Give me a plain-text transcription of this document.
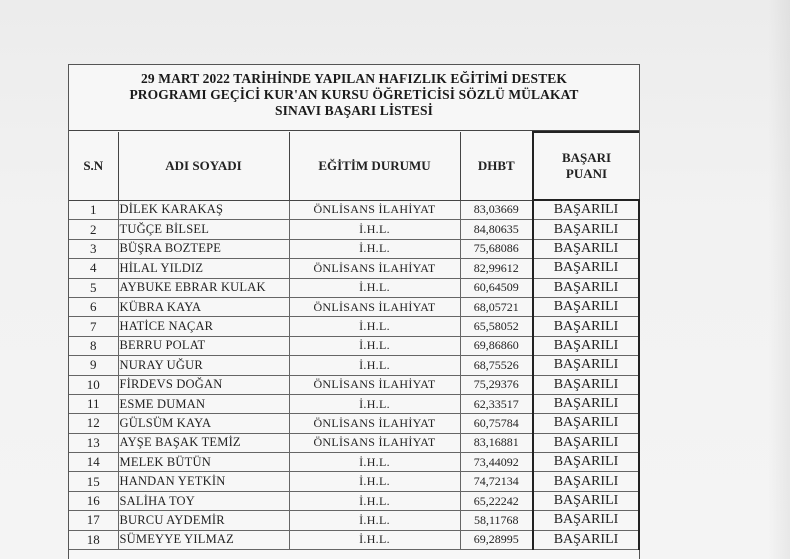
29 MART 2022 TARİHİNDE YAPILAN HAFIZLIK EĞİTİMİ DESTEK
PROGRAMI GEÇİCİ KUR'AN KURSU ÖĞRETİCİSİ SÖZLÜ MÜLAKAT
SINAVI BAŞARI LİSTESİ
S.N	ADI SOYADI	EĞİTİM DURUMU	DHBT	BAŞARI
PUANI

1	DİLEK KARAKAŞ	ÖNLİSANS İLAHİYAT	83,03669	BAŞARILI
2	TUĞÇE BİLSEL	İ.H.L.	84,80635	BAŞARILI
3	BÜŞRA BOZTEPE	İ.H.L.	75,68086	BAŞARILI
4	HİLAL YILDIZ	ÖNLİSANS İLAHİYAT	82,99612	BAŞARILI
5	AYBUKE EBRAR KULAK	İ.H.L.	60,64509	BAŞARILI
6	KÜBRA KAYA	ÖNLİSANS İLAHİYAT	68,05721	BAŞARILI
7	HATİCE NAÇAR	İ.H.L.	65,58052	BAŞARILI
8	BERRU POLAT	İ.H.L.	69,86860	BAŞARILI
9	NURAY UĞUR	İ.H.L.	68,75526	BAŞARILI
10	FİRDEVS DOĞAN	ÖNLİSANS İLAHİYAT	75,29376	BAŞARILI
11	ESME DUMAN	İ.H.L.	62,33517	BAŞARILI
12	GÜLSÜM KAYA	ÖNLİSANS İLAHİYAT	60,75784	BAŞARILI
13	AYŞE BAŞAK TEMİZ	ÖNLİSANS İLAHİYAT	83,16881	BAŞARILI
14	MELEK BÜTÜN	İ.H.L.	73,44092	BAŞARILI
15	HANDAN YETKİN	İ.H.L.	74,72134	BAŞARILI
16	SALİHA TOY	İ.H.L.	65,22242	BAŞARILI
17	BURCU AYDEMİR	İ.H.L.	58,11768	BAŞARILI
18	SÜMEYYE YILMAZ	İ.H.L.	69,28995	BAŞARILI
